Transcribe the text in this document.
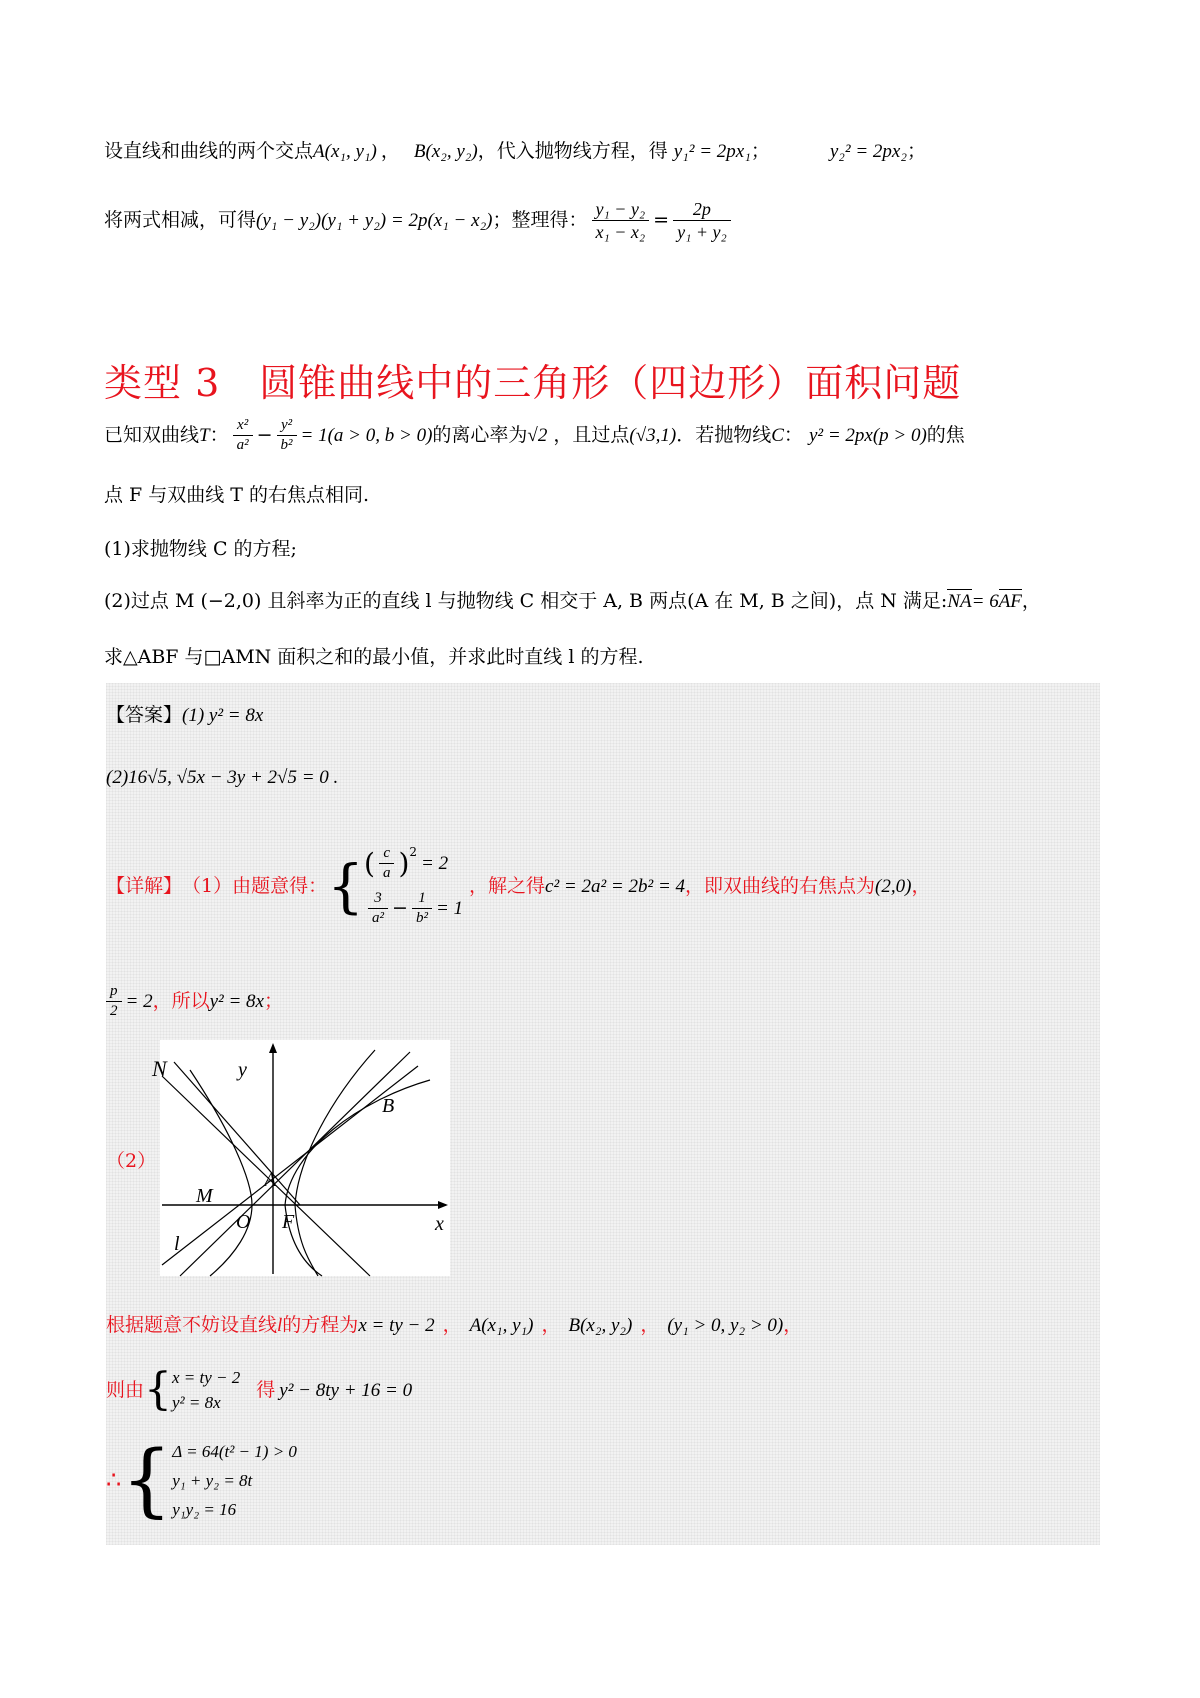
设直线和曲线的两个交点A(x₁, y₁) ， B(x₂, y₂)，代入抛物线方程，得 y₁² = 2px₁；	y₂² = 2px₂；
将两式相减，可得 (y₁ − y₂)(y₁ + y₂) = 2p(x₁ − x₂) ；整理得： $\frac{\text{y₁ − y₂}}{\text{x₁ − x₂}} = \frac{2p}{\text{y₁ + y₂}}$
类型 3　圆锥曲线中的三角形（四边形）面积问题
已知双曲线 T ： $\frac{\text{x²}}{\text{a²}} - \frac{\text{y²}}{\text{b²}} = 1(a > 0$, b > 0) 的离心率为 √2 ，且过点 (√3,1) ．若抛物线 C ： y² = 2px(p > 0) 的焦
点 F 与双曲线 T 的右焦点相同.
(1)求抛物线 C 的方程;
(2)过点 M (−2,0) 且斜率为正的直线 l 与抛物线 C 相交于 A, B 两点(A 在 M, B 之间)，点 N 满足:NA= 6AF，
求△ABF 与□AMN 面积之和的最小值，并求此时直线 l 的方程.
【答案】(1) y² = 8x
(2)16√5, √5x − 3y + 2√5 = 0 .
【详解】 （1）由题意得： { ( $\frac{c}{a} )^2$
= 2
$\frac{3}{\text{a²}} - \frac{1}{\text{b²}} = 1$
，解之得 c² = 2a² = 2b² = 4 ，即双曲线的右焦点为 (2,0) ，
$\frac{p}{2} = 2$ ，所以 y² = 8x ；
（2）
N	y
B
A
M
O F	x
l
根据题意不妨设直线l的方程为x = ty − 2 ， A(x₁, y₁) ， B(x₂, y₂) ， (y₁ > 0, y₂ > 0)，
则由 { x = ty − 2
y² = 8x
得 y² − 8ty + 16 = 0
∴ { Δ = 64(t² − 1) > 0
y₁ + y₂ = 8t
y₁y₂ = 16
